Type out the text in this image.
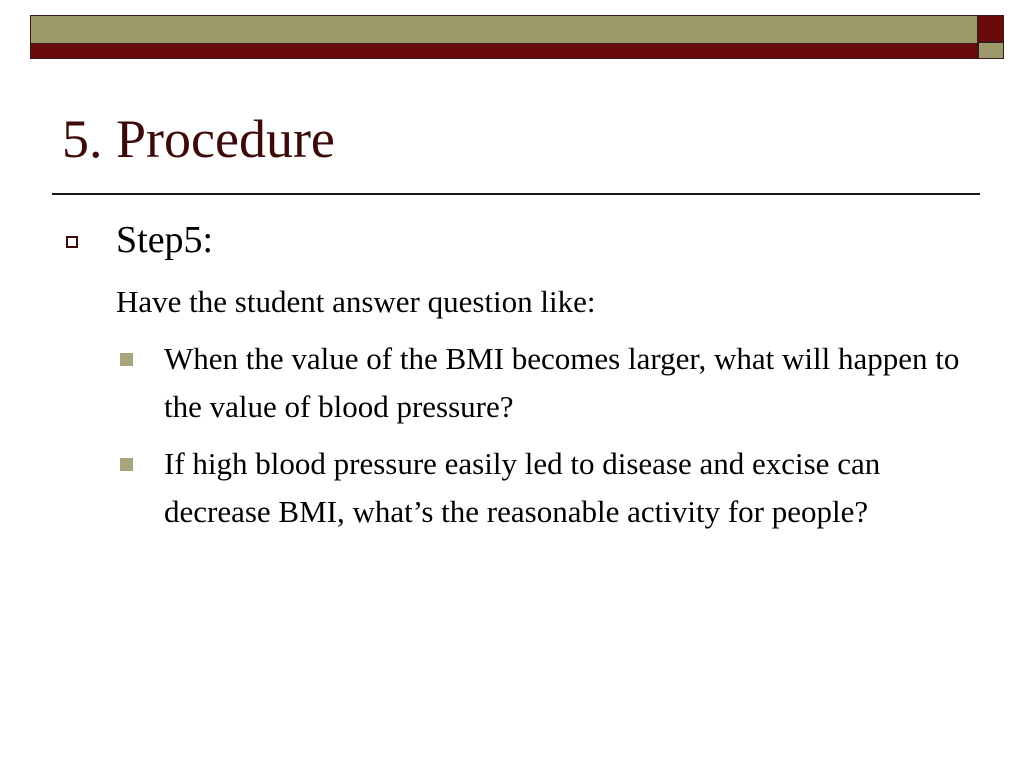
5. Procedure
Step5:
Have the student answer question like:
When the value of the BMI becomes larger, what will happen to the value of blood pressure?
If high blood pressure easily led to disease and excise can decrease BMI, what’s the reasonable activity for people?
